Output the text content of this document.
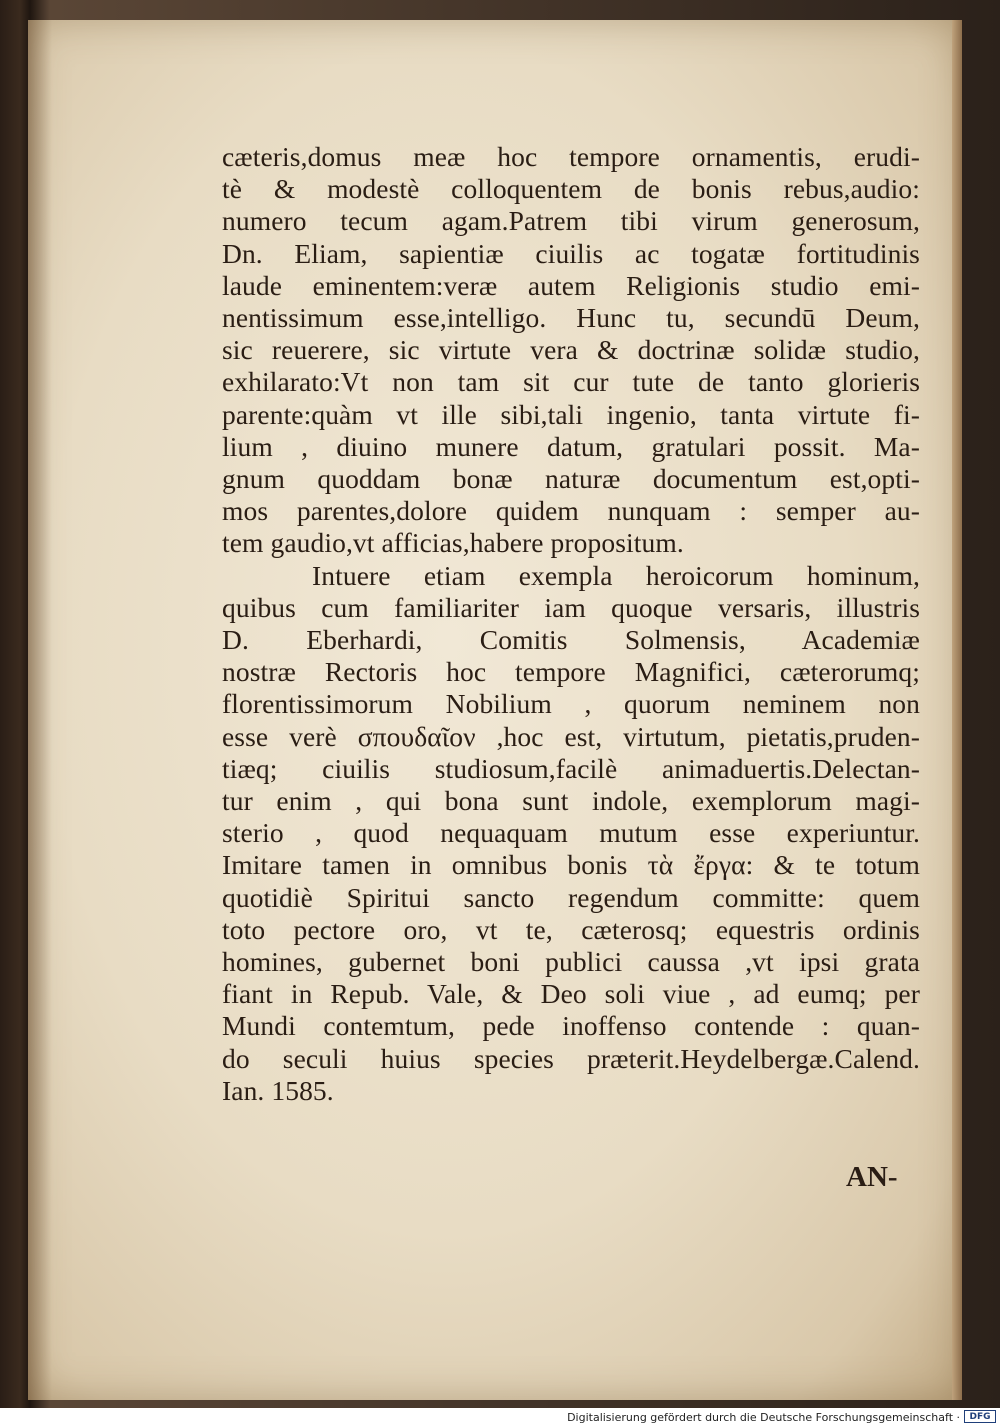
cæteris,domus meæ hoc tempore ornamentis, erudi-
tè & modestè colloquentem de bonis rebus,audio:
numero tecum agam.Patrem tibi virum generosum,
Dn. Eliam, sapientiæ ciuilis ac togatæ fortitudinis
laude eminentem:veræ autem Religionis studio emi-
nentissimum esse,intelligo. Hunc tu, secundū Deum,
sic reuerere, sic virtute vera & doctrinæ solidæ studio,
exhilarato:Vt non tam sit cur tute de tanto glorieris
parente:quàm vt ille sibi,tali ingenio, tanta virtute fi-
lium , diuino munere datum, gratulari possit. Ma-
gnum quoddam bonæ naturæ documentum est,opti-
mos parentes,dolore quidem nunquam : semper au-
tem gaudio,vt afficias,habere propositum.
Intuere etiam exempla heroicorum hominum,
quibus cum familiariter iam quoque versaris, illustris
D. Eberhardi, Comitis Solmensis, Academiæ
nostræ Rectoris hoc tempore Magnifici, cæterorumq;
florentissimorum Nobilium , quorum neminem non
esse verè σπουδαῖον ,hoc est, virtutum, pietatis,pruden-
tiæq; ciuilis studiosum,facilè animaduertis.Delectan-
tur enim , qui bona sunt indole, exemplorum magi-
sterio , quod nequaquam mutum esse experiuntur.
Imitare tamen in omnibus bonis τὰ ἔργα: & te totum
quotidiè Spiritui sancto regendum committe: quem
toto pectore oro, vt te, cæterosq; equestris ordinis
homines, gubernet boni publici caussa ,vt ipsi grata
fiant in Repub. Vale, & Deo soli viue , ad eumq; per
Mundi contemtum, pede inoffenso contende : quan-
do seculi huius species præterit.Heydelbergæ.Calend.
Ian. 1585.
AN-
Digitalisierung gefördert durch die Deutsche Forschungsgemeinschaft ·	DFG
